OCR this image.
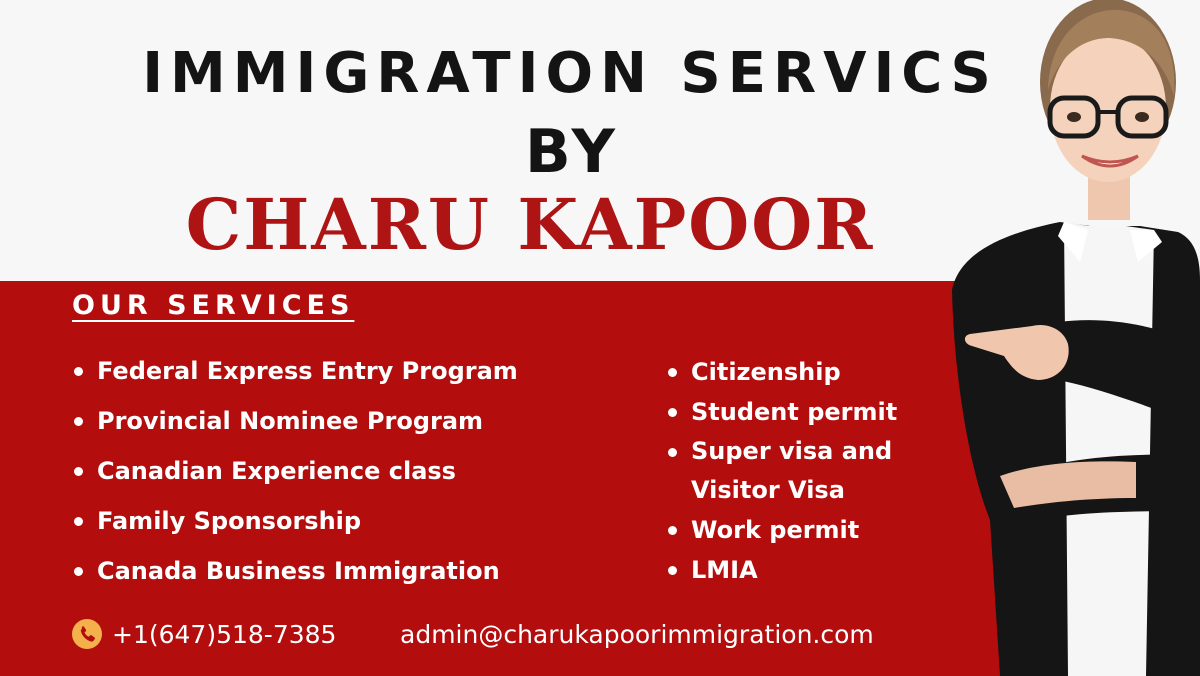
IMMIGRATION SERVICS
BY
CHARU KAPOOR
OUR SERVICES
Federal Express Entry Program
Provincial Nominee Program
Canadian Experience class
Family Sponsorship
Canada Business Immigration
Citizenship
Student permit
Super visa and Visitor Visa
Work permit
LMIA
+1(647)518-7385	admin@charukapoorimmigration.com
